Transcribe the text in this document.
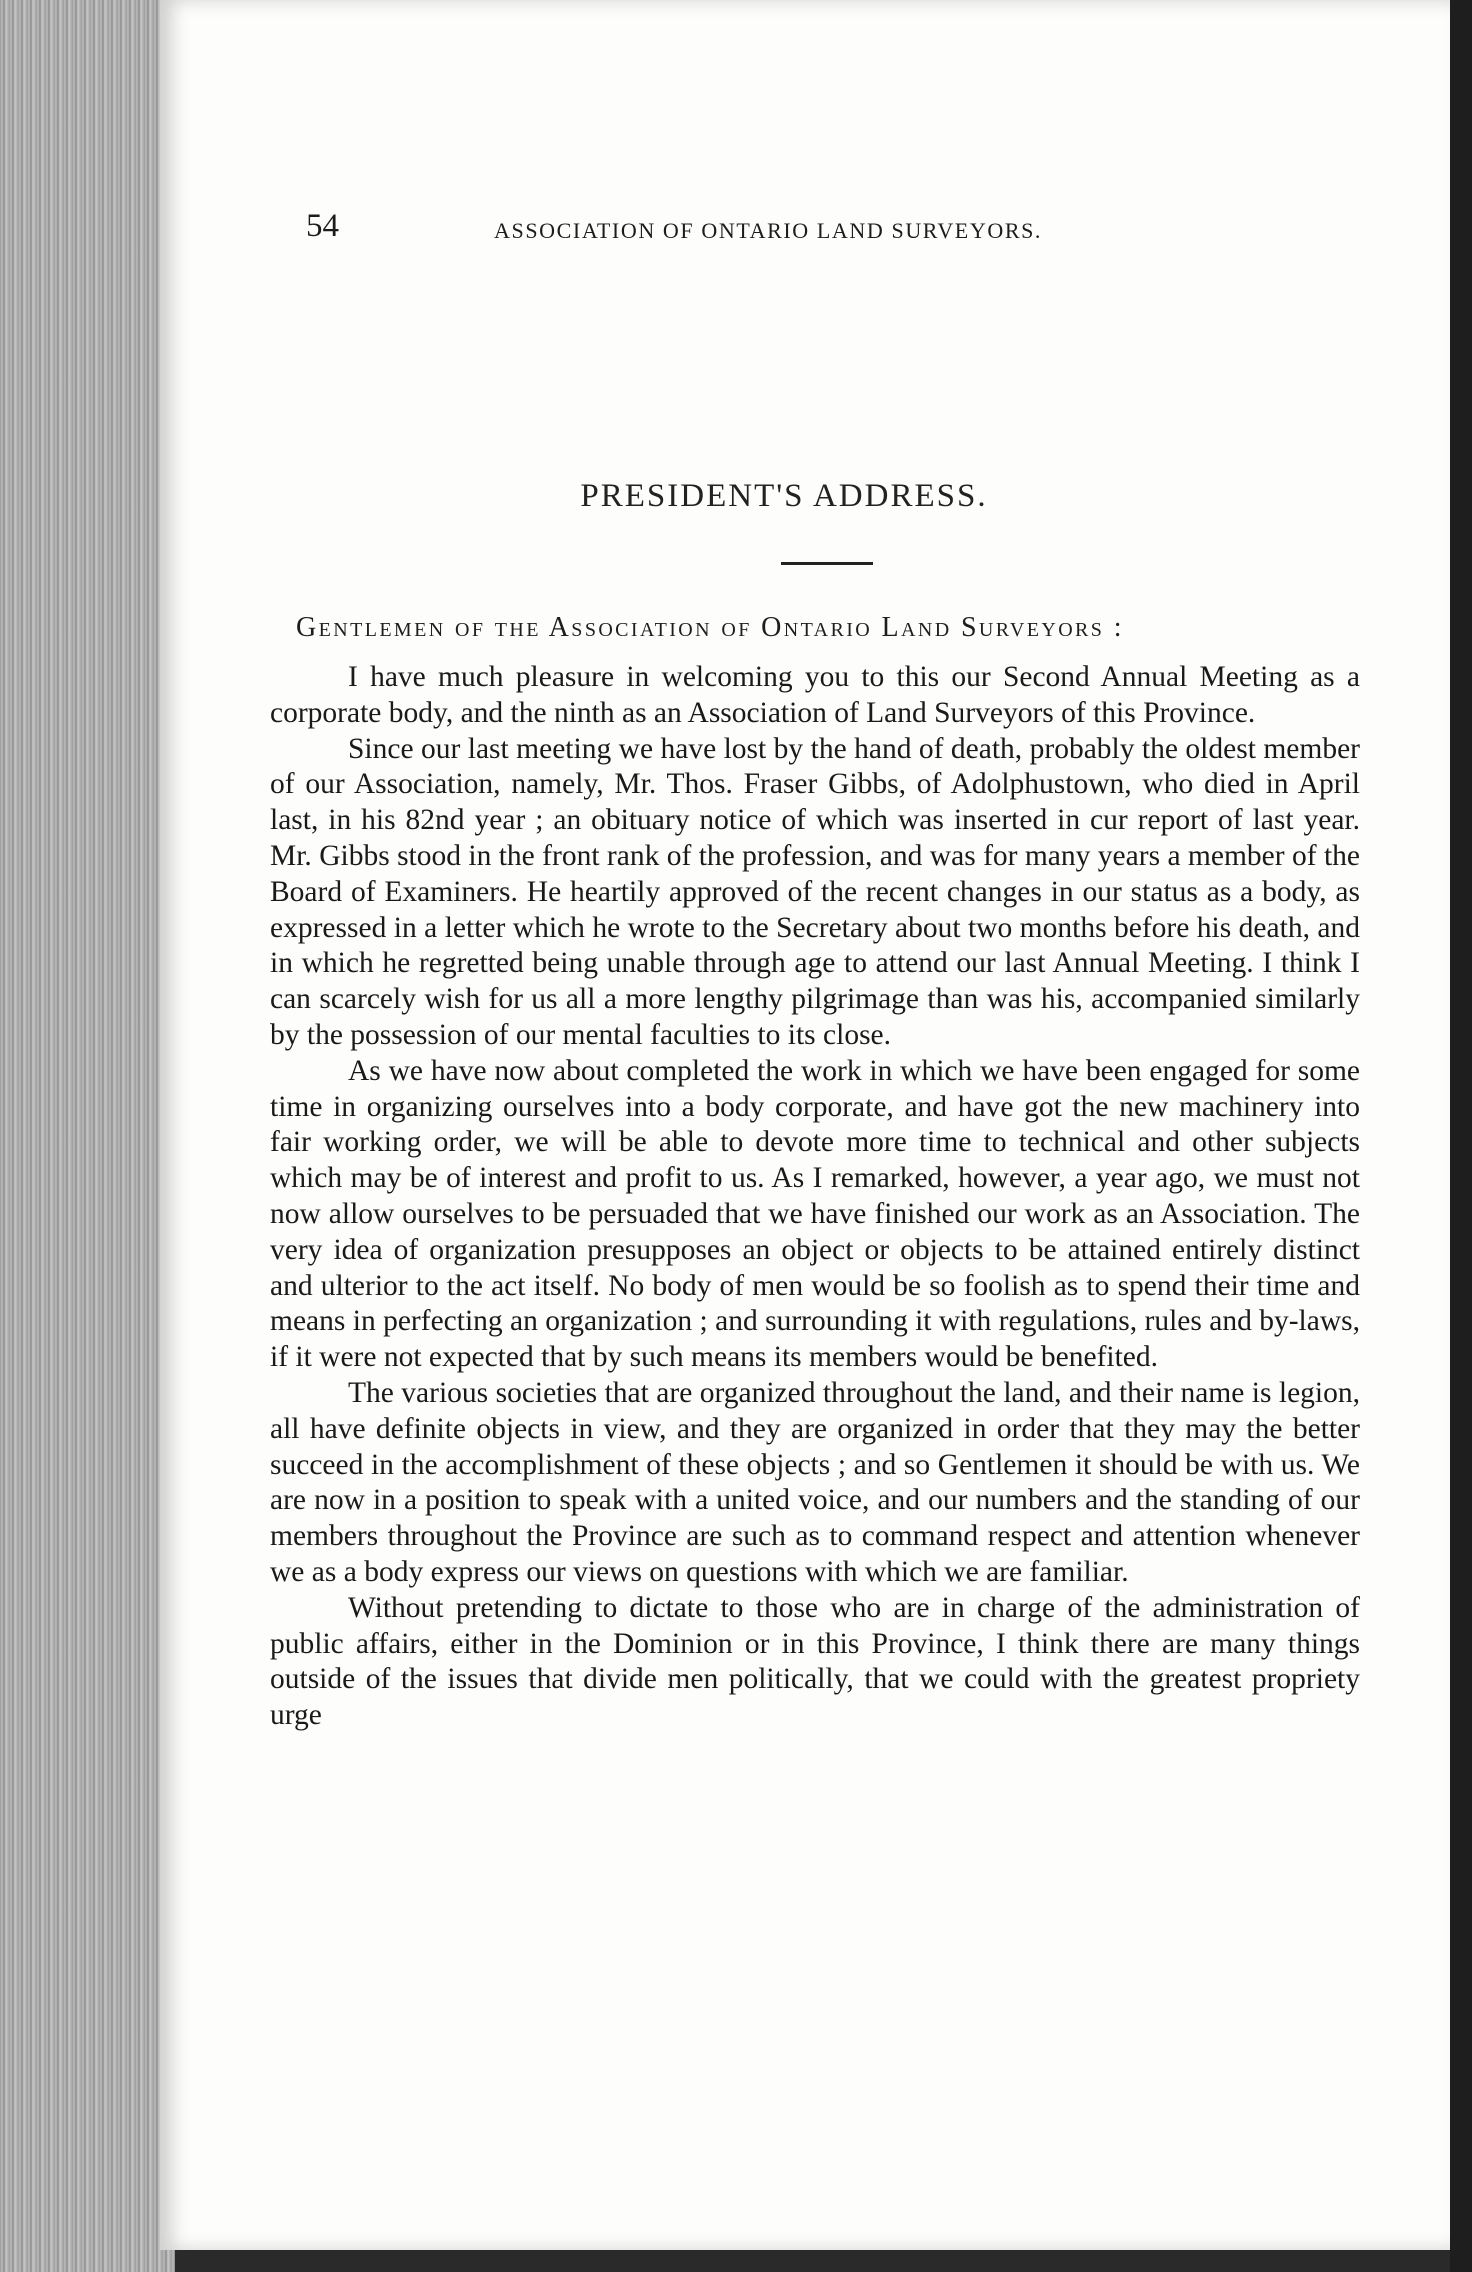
54	ASSOCIATION OF ONTARIO LAND SURVEYORS.
PRESIDENT'S ADDRESS.
Gentlemen of the Association of Ontario Land Surveyors :

I have much pleasure in welcoming you to this our Second Annual Meeting as a corporate body, and the ninth as an Association of Land Surveyors of this Province.

Since our last meeting we have lost by the hand of death, probably the oldest member of our Association, namely, Mr. Thos. Fraser Gibbs, of Adolphustown, who died in April last, in his 82nd year ; an obituary notice of which was inserted in cur report of last year. Mr. Gibbs stood in the front rank of the profession, and was for many years a member of the Board of Examiners. He heartily approved of the recent changes in our status as a body, as expressed in a letter which he wrote to the Secretary about two months before his death, and in which he regretted being unable through age to attend our last Annual Meeting. I think I can scarcely wish for us all a more lengthy pilgrimage than was his, accompanied similarly by the possession of our mental faculties to its close.

As we have now about completed the work in which we have been engaged for some time in organizing ourselves into a body corporate, and have got the new machinery into fair working order, we will be able to devote more time to technical and other subjects which may be of interest and profit to us. As I remarked, however, a year ago, we must not now allow ourselves to be persuaded that we have finished our work as an Association. The very idea of organization presupposes an object or objects to be attained entirely distinct and ulterior to the act itself. No body of men would be so foolish as to spend their time and means in perfecting an organization ; and surrounding it with regulations, rules and by-laws, if it were not expected that by such means its members would be benefited.

The various societies that are organized throughout the land, and their name is legion, all have definite objects in view, and they are organized in order that they may the better succeed in the accomplishment of these objects ; and so Gentlemen it should be with us. We are now in a position to speak with a united voice, and our numbers and the standing of our members throughout the Province are such as to command respect and attention whenever we as a body express our views on questions with which we are familiar.

Without pretending to dictate to those who are in charge of the administration of public affairs, either in the Dominion or in this Province, I think there are many things outside of the issues that divide men politically, that we could with the greatest propriety urge
